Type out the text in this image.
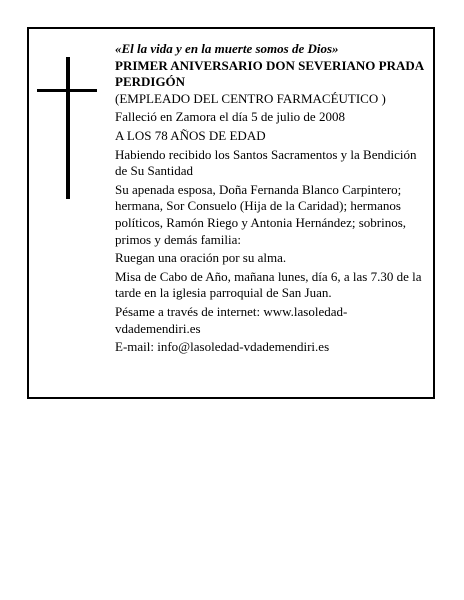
«El la vida y en la muerte somos de Dios»

PRIMER ANIVERSARIO DON SEVERIANO PRADA PERDIGÓN

(EMPLEADO DEL CENTRO FARMACÉUTICO )

Falleció en Zamora el día 5 de julio de 2008

A LOS 78 AÑOS DE EDAD

Habiendo recibido los Santos Sacramentos y la Bendición de Su Santidad

Su apenada esposa, Doña Fernanda Blanco Carpintero; hermana, Sor Consuelo (Hija de la Caridad); hermanos políticos, Ramón Riego y Antonia Hernández; sobrinos, primos y demás familia:

Ruegan una oración por su alma.

Misa de Cabo de Año, mañana lunes, día 6, a las 7.30 de la tarde en la iglesia parroquial de San Juan.

Pésame a través de internet: www.lasoledad-vdademendiri.es

E-mail: info@lasoledad-vdademendiri.es
